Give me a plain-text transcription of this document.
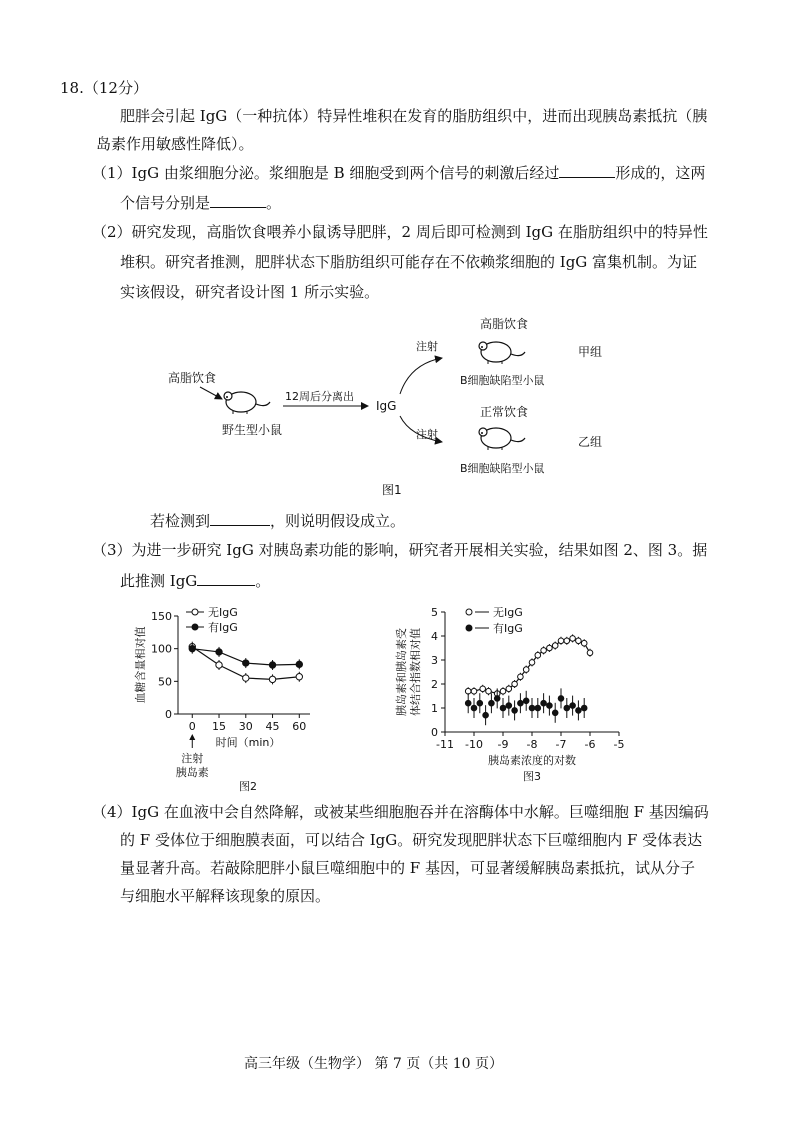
18.（12分）
肥胖会引起 IgG（一种抗体）特异性堆积在发育的脂肪组织中，进而出现胰岛素抵抗（胰
岛素作用敏感性降低）。
（1）IgG 由浆细胞分泌。浆细胞是 B 细胞受到两个信号的刺激后经过	形成的，这两
个信号分别是	。
（2）研究发现，高脂饮食喂养小鼠诱导肥胖，2 周后即可检测到 IgG 在脂肪组织中的特异性
堆积。研究者推测，肥胖状态下脂肪组织可能存在不依赖浆细胞的 IgG 富集机制。为证
实该假设，研究者设计图 1 所示实验。
高脂饮食
野生型小鼠
12周后分离出
IgG
注射
注射
高脂饮食
B细胞缺陷型小鼠
甲组
正常饮食
B细胞缺陷型小鼠
乙组
图1
若检测到	，则说明假设成立。
（3）为进一步研究 IgG 对胰岛素功能的影响，研究者开展相关实验，结果如图 2、图 3。据
此推测 IgG	。
0
50
100
150
0 15 30 45 60
时间（min）
血糖含量相对值
注射
胰岛素
图2
无IgG
有IgG
0
1
2
3
4
5
-11 -10 -9 -8 -7 -6 -5
胰岛素浓度的对数
胰岛素和胰岛素受 体结合指数相对值
图3
无IgG
有IgG
（4）IgG 在血液中会自然降解，或被某些细胞胞吞并在溶酶体中水解。巨噬细胞 F 基因编码
的 F 受体位于细胞膜表面，可以结合 IgG。研究发现肥胖状态下巨噬细胞内 F 受体表达
量显著升高。若敲除肥胖小鼠巨噬细胞中的 F 基因，可显著缓解胰岛素抵抗，试从分子
与细胞水平解释该现象的原因。
高三年级（生物学） 第 7 页（共 10 页）
